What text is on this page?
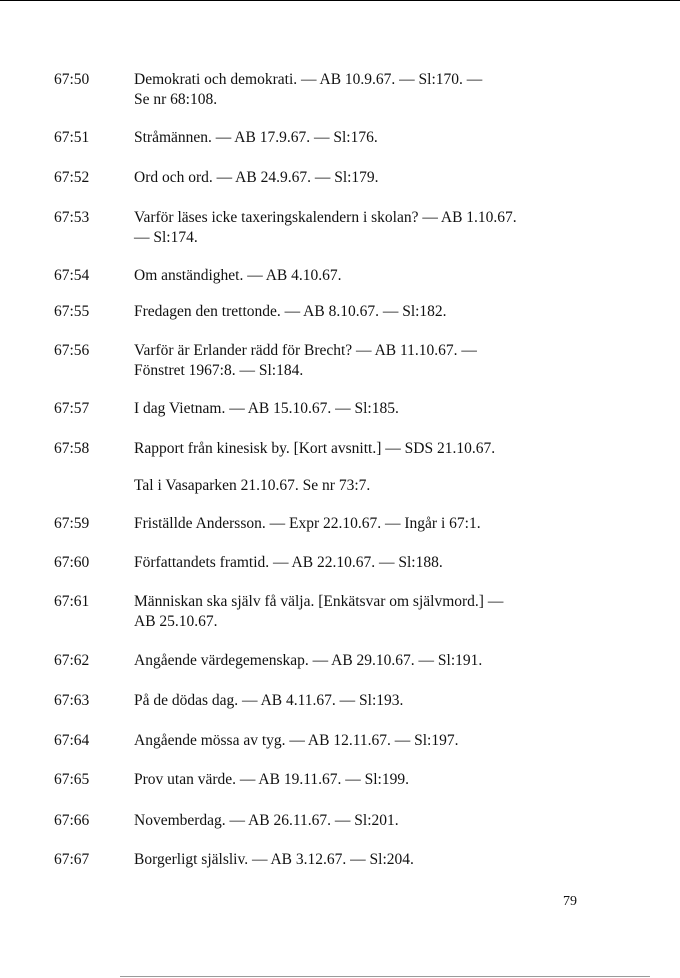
67:50	Demokrati och demokrati. — AB 10.9.67. — Sl:170. —
Se nr 68:108.
67:51	Stråmännen. — AB 17.9.67. — Sl:176.
67:52	Ord och ord. — AB 24.9.67. — Sl:179.
67:53	Varför läses icke taxeringskalendern i skolan? — AB 1.10.67.
— Sl:174.
67:54	Om anständighet. — AB 4.10.67.
67:55	Fredagen den trettonde. — AB 8.10.67. — Sl:182.
67:56	Varför är Erlander rädd för Brecht? — AB 11.10.67. —
Fönstret 1967:8. — Sl:184.
67:57	I dag Vietnam. — AB 15.10.67. — Sl:185.
67:58	Rapport från kinesisk by. [Kort avsnitt.] — SDS 21.10.67.
Tal i Vasaparken 21.10.67. Se nr 73:7.
67:59	Friställde Andersson. — Expr 22.10.67. — Ingår i 67:1.
67:60	Författandets framtid. — AB 22.10.67. — Sl:188.
67:61	Människan ska själv få välja. [Enkätsvar om självmord.] —
AB 25.10.67.
67:62	Angående värdegemenskap. — AB 29.10.67. — Sl:191.
67:63	På de dödas dag. — AB 4.11.67. — Sl:193.
67:64	Angående mössa av tyg. — AB 12.11.67. — Sl:197.
67:65	Prov utan värde. — AB 19.11.67. — Sl:199.
67:66	Novemberdag. — AB 26.11.67. — Sl:201.
67:67	Borgerligt själsliv. — AB 3.12.67. — Sl:204.
79
